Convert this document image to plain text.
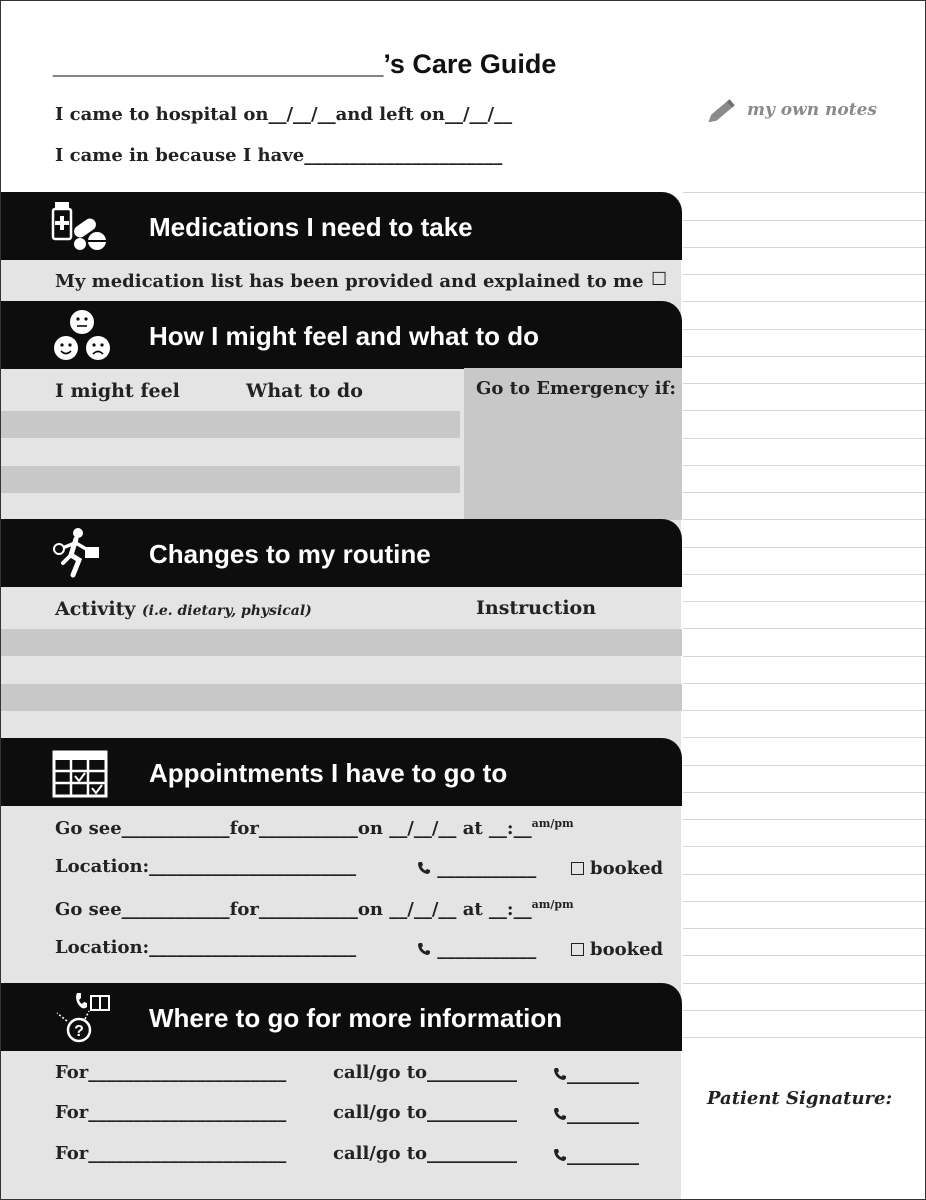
______________________’s Care Guide
I came to hospital on__/__/__and left on__/__/__
I came in because I have______________________
my own notes
Medications I need to take
My medication list has been provided and explained to me ☐
How I might feel and what to do
I might feel	What to do	Go to Emergency if:
Changes to my routine
Activity (i.e. dietary, physical)	Instruction
Appointments I have to go to
Go see____________for___________on __/__/__ at __:__$^{am/pm}$
Location:_______________________	___________	booked
Go see____________for___________on __/__/__ at __:__$^{am/pm}$
Location:_______________________	___________	booked
?	Where to go for more information
For______________________	call/go to__________	________
For______________________	call/go to__________	________
For______________________	call/go to__________	________
Patient Signature:
